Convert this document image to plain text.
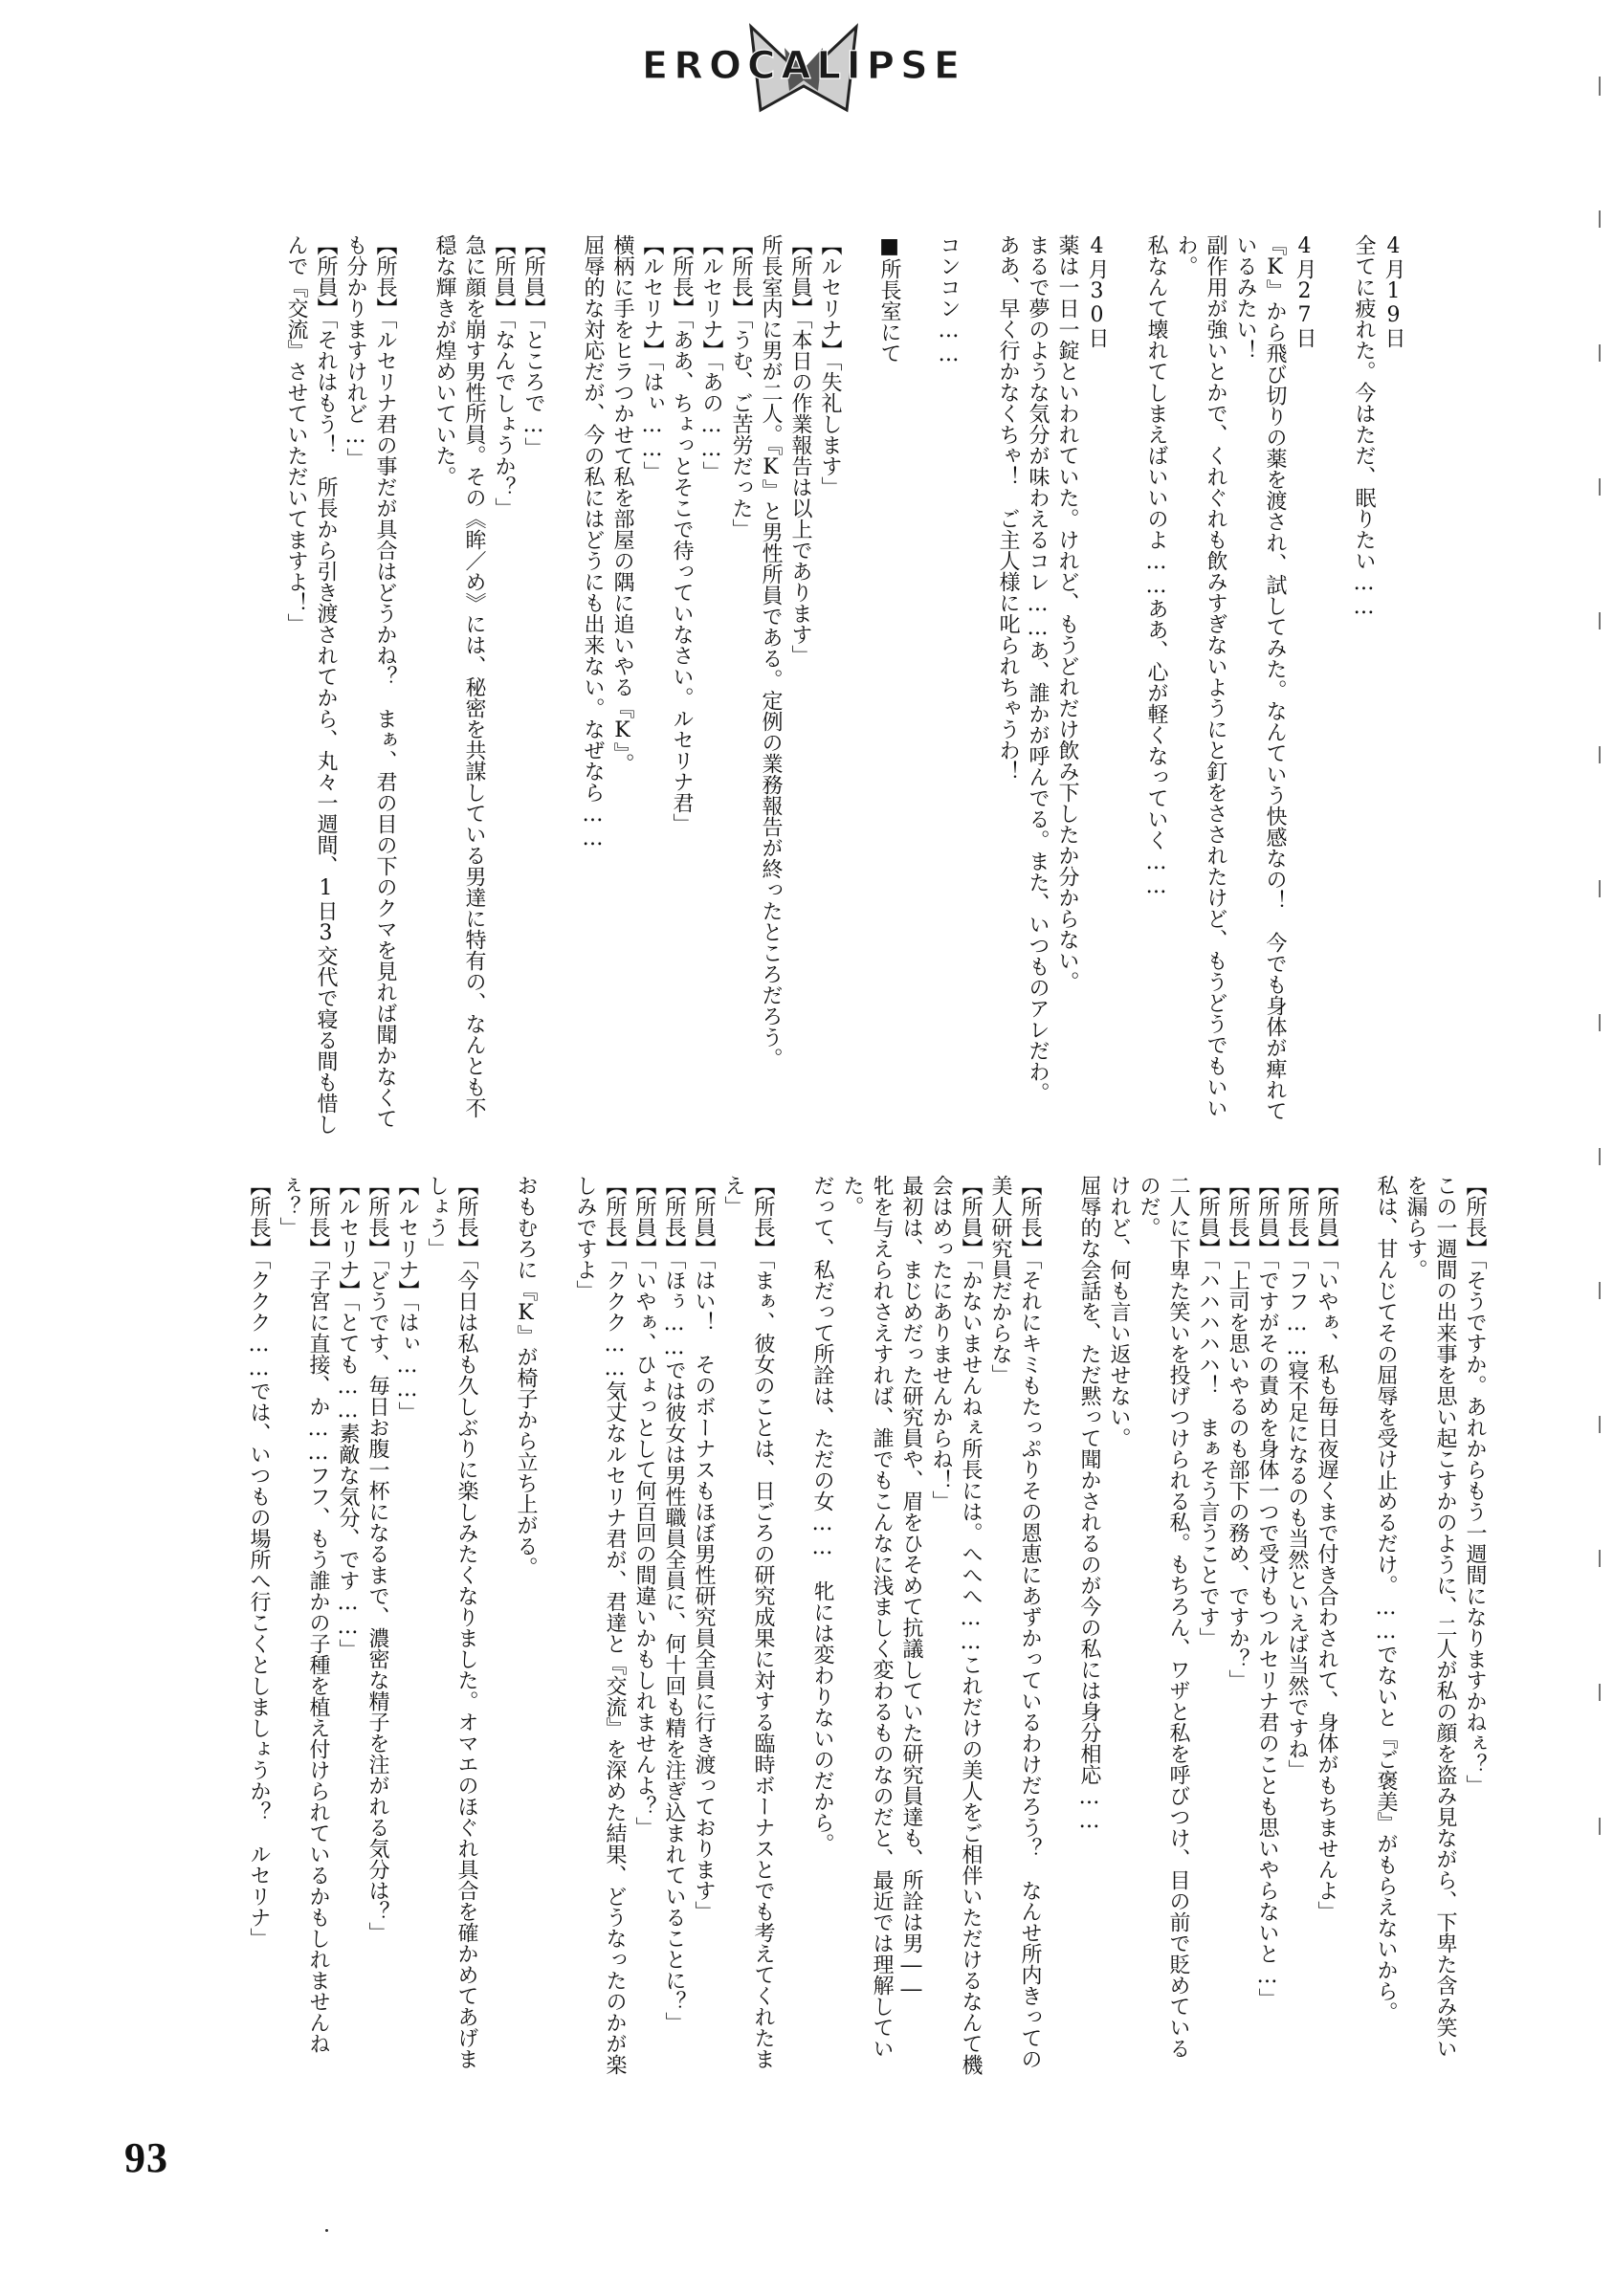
EROCALIPSE
4月19日
全てに疲れた。今はただ、眠りたい……

4月27日
『K』から飛び切りの薬を渡され、試してみた。なんていう快感なの！　今でも身体が痺れているみたい！
副作用が強いとかで、くれぐれも飲みすぎないようにと釘をさされたけど、もうどうでもいいわ。
私なんて壊れてしまえばいいのよ……ああ、心が軽くなっていく……

4月30日
薬は一日一錠といわれていた。けれど、もうどれだけ飲み下したか分からない。
まるで夢のような気分が味わえるコレ……あ、誰かが呼んでる。また、いつものアレだわ。
ああ、早く行かなくちゃ！　ご主人様に叱られちゃうわ！

コンコン……

■所長室にて

【ルセリナ】「失礼します」
【所員】「本日の作業報告は以上であります」
所長室内に男が二人。『K』と男性所員である。定例の業務報告が終ったところだろう。
【所長】「うむ、ご苦労だった」
【ルセリナ】「あの……」
【所長】「ああ、ちょっとそこで待っていなさい。ルセリナ君」
【ルセリナ】「はぃ……」
横柄に手をヒラつかせて私を部屋の隅に追いやる『K』。
屈辱的な対応だが、今の私にはどうにも出来ない。なぜなら……

【所員】「ところで…」
【所員】「なんでしょうか？」
急に顔を崩す男性所員。その《眸／め》には、秘密を共謀している男達に特有の、なんとも不穏な輝きが煌めいていた。

【所長】「ルセリナ君の事だが具合はどうかね？　まぁ、君の目の下のクマを見れば聞かなくても分かりますけれど…」
【所員】「それはもう！　所長から引き渡されてから、丸々一週間、1日3交代で寝る間も惜しんで『交流』させていただいてますよ！」
【所長】「そうですか。あれからもう一週間になりますかねぇ？」
この一週間の出来事を思い起こすかのように、二人が私の顔を盗み見ながら、下卑た含み笑いを漏らす。
私は、甘んじてその屈辱を受け止めるだけ。……でないと『ご褒美』がもらえないから。

【所員】「いやぁ、私も毎日夜遅くまで付き合わされて、身体がもちませんよ」
【所長】「フフ……寝不足になるのも当然といえば当然ですね」
【所員】「ですがその責めを身体一つで受けもつルセリナ君のことも思いやらないと…」
【所長】「上司を思いやるのも部下の務め、ですか？」
【所員】「ハハハハハ！　まぁそう言うことです」
二人に下卑た笑いを投げつけられる私。もちろん、ワザと私を呼びつけ、目の前で貶めているのだ。
けれど、何も言い返せない。
屈辱的な会話を、ただ黙って聞かされるのが今の私には身分相応……

【所長】「それにキミもたっぷりその恩恵にあずかっているわけだろう？　なんせ所内きっての美人研究員だからな」
【所員】「かないませんねぇ所長には。へへへ……これだけの美人をご相伴いただけるなんて機会はめったにありませんからね！」
最初は、まじめだった研究員や、眉をひそめて抗議していた研究員達も、所詮は男――
牝を与えられさえすれば、誰でもこんなに浅ましく変わるものなのだと、最近では理解していた。
だって、私だって所詮は、ただの女……　牝には変わりないのだから。

【所長】「まぁ、彼女のことは、日ごろの研究成果に対する臨時ボーナスとでも考えてくれたまえ」
【所員】「はい！　そのボーナスもほぼ男性研究員全員に行き渡っております」
【所長】「ほぅ……では彼女は男性職員全員に、何十回も精を注ぎ込まれていることに？」
【所員】「いやぁ、ひょっとして何百回の間違いかもしれませんよ？」
【所長】「ククク……気丈なルセリナ君が、君達と『交流』を深めた結果、どうなったのかが楽しみですよ」

おもむろに『K』が椅子から立ち上がる。

【所長】「今日は私も久しぶりに楽しみたくなりました。オマエのほぐれ具合を確かめてあげましょう」
【ルセリナ】「はぃ……」
【所長】「どうです、毎日お腹一杯になるまで、濃密な精子を注がれる気分は？」
【ルセリナ】「とても……素敵な気分、です……」
【所長】「子宮に直接、か……フフ、もう誰かの子種を植え付けられているかもしれませんねぇ？」
【所長】「ククク……では、いつもの場所へ行こくとしましょうか？　ルセリナ」
93
